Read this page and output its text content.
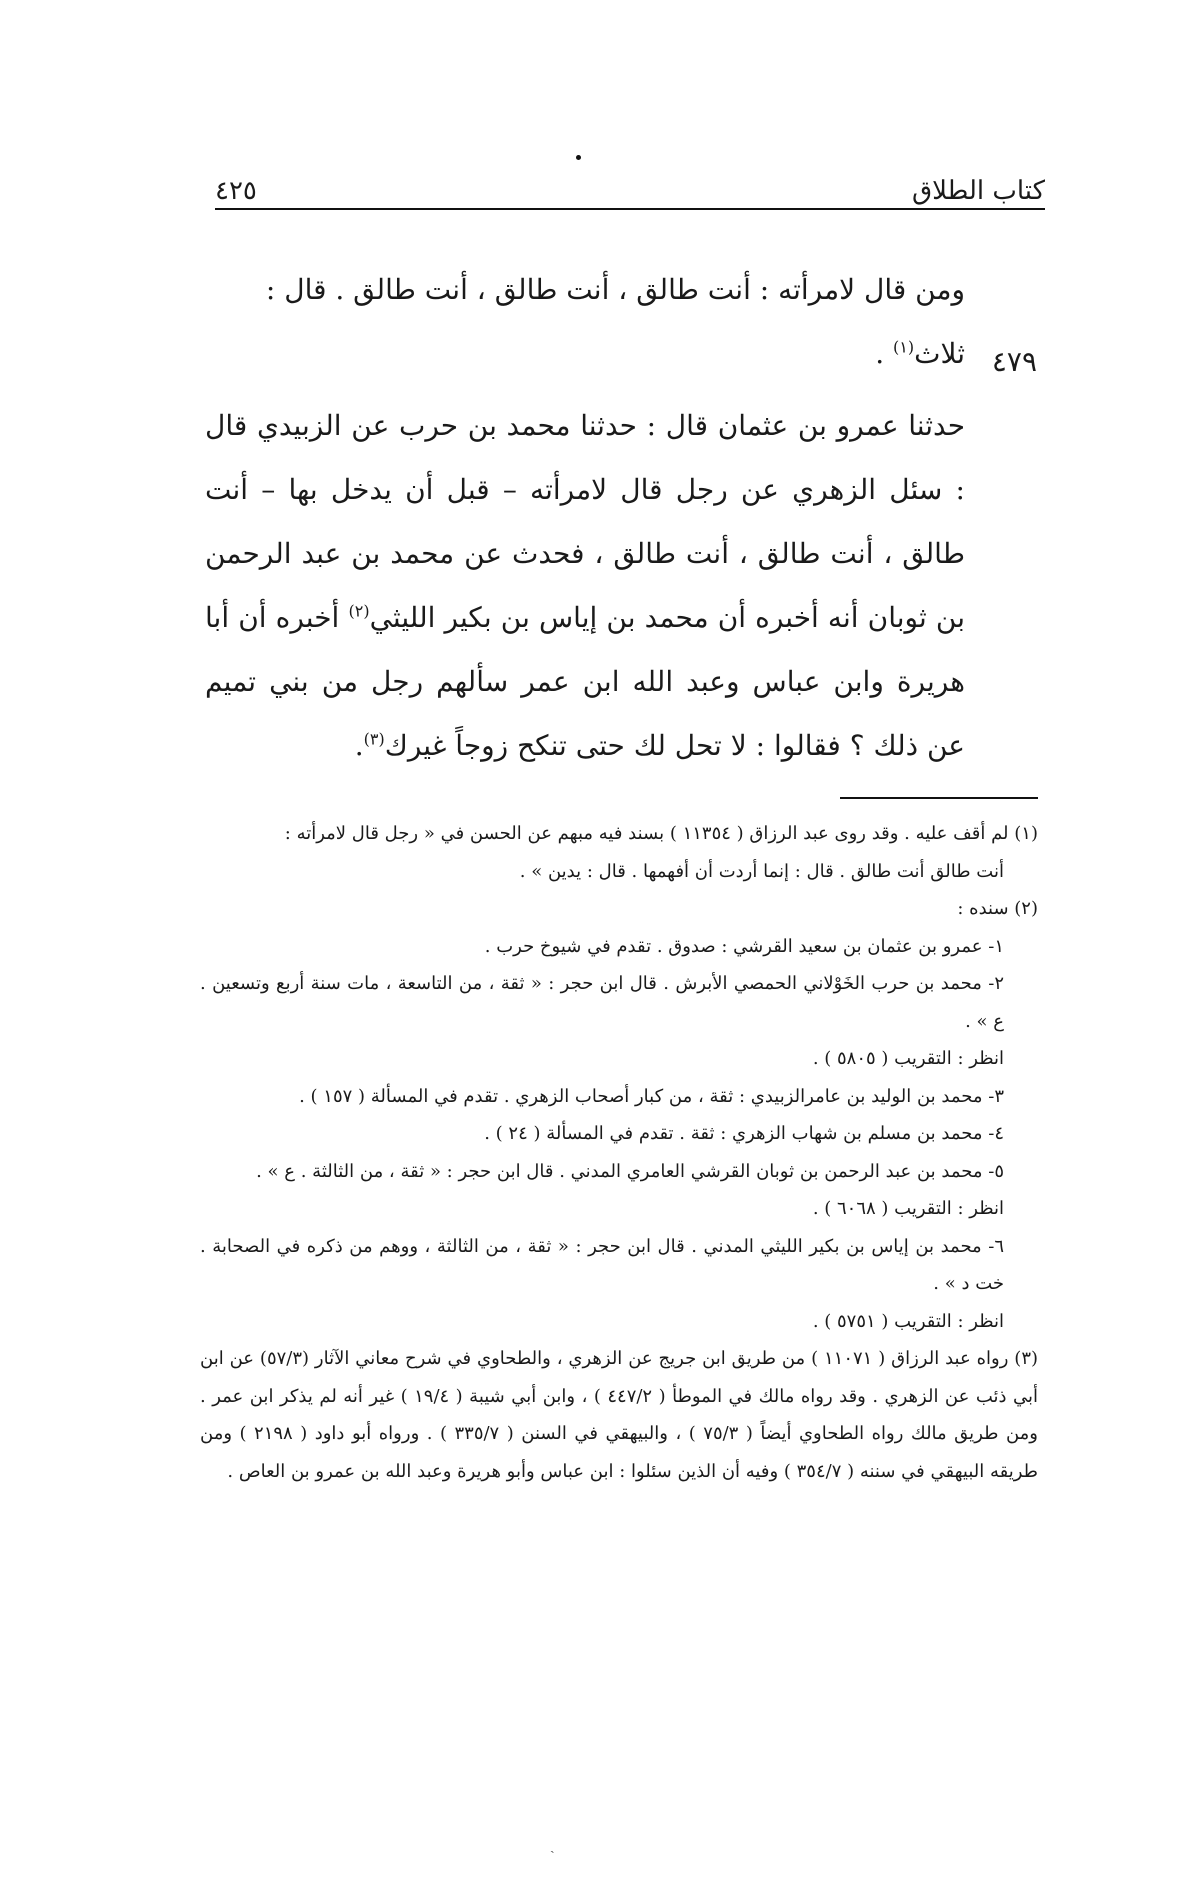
كتاب الطلاق
٤٢٥

ومن قال لامرأته : أنت طالق ، أنت طالق ، أنت طالق . قال : ثلاث$^{(١)}$ .	٤٧٩

حدثنا عمرو بن عثمان قال : حدثنا محمد بن حرب عن الزبيدي قال : سئل الزهري عن رجل قال لامرأته – قبل أن يدخل بها – أنت طالق ، أنت طالق ، أنت طالق ، فحدث عن محمد بن عبد الرحمن بن ثوبان أنه أخبره أن محمد بن إياس بن بكير الليثي$^{(٢)}$ أخبره أن أبا هريرة وابن عباس وعبد الله ابن عمر سألهم رجل من بني تميم عن ذلك ؟ فقالوا : لا تحل لك حتى تنكح زوجاً غيرك$^{(٣)}$.

(١) لم أقف عليه . وقد روى عبد الرزاق ( ١١٣٥٤ ) بسند فيه مبهم عن الحسن في « رجل قال لامرأته :

أنت طالق أنت طالق . قال : إنما أردت أن أفهمها . قال : يدين » .

(٢) سنده :

١- عمرو بن عثمان بن سعيد القرشي : صدوق . تقدم في شيوخ حرب .

٢- محمد بن حرب الخَوْلاني الحمصي الأبرش . قال ابن حجر : « ثقة ، من التاسعة ، مات سنة أربع وتسعين . ع » .

انظر : التقريب ( ٥٨٠٥ ) .

٣- محمد بن الوليد بن عامرالزبيدي : ثقة ، من كبار أصحاب الزهري . تقدم في المسألة ( ١٥٧ ) .

٤- محمد بن مسلم بن شهاب الزهري : ثقة . تقدم في المسألة ( ٢٤ ) .

٥- محمد بن عبد الرحمن بن ثوبان القرشي العامري المدني . قال ابن حجر : « ثقة ، من الثالثة . ع » .

انظر : التقريب ( ٦٠٦٨ ) .

٦- محمد بن إياس بن بكير الليثي المدني . قال ابن حجر : « ثقة ، من الثالثة ، ووهم من ذكره في الصحابة . خت د » .

انظر : التقريب ( ٥٧٥١ ) .

(٣) رواه عبد الرزاق ( ١١٠٧١ ) من طريق ابن جريج عن الزهري ، والطحاوي في شرح معاني الآثار (٥٧/٣) عن ابن أبي ذئب عن الزهري . وقد رواه مالك في الموطأ ( ٤٤٧/٢ ) ، وابن أبي شيبة ( ١٩/٤ ) غير أنه لم يذكر ابن عمر . ومن طريق مالك رواه الطحاوي أيضاً ( ٧٥/٣ ) ، والبيهقي في السنن ( ٣٣٥/٧ ) . ورواه أبو داود ( ٢١٩٨ ) ومن طريقه البيهقي في سننه ( ٣٥٤/٧ ) وفيه أن الذين سئلوا : ابن عباس وأبو هريرة وعبد الله بن عمرو بن العاص .

ˎ
